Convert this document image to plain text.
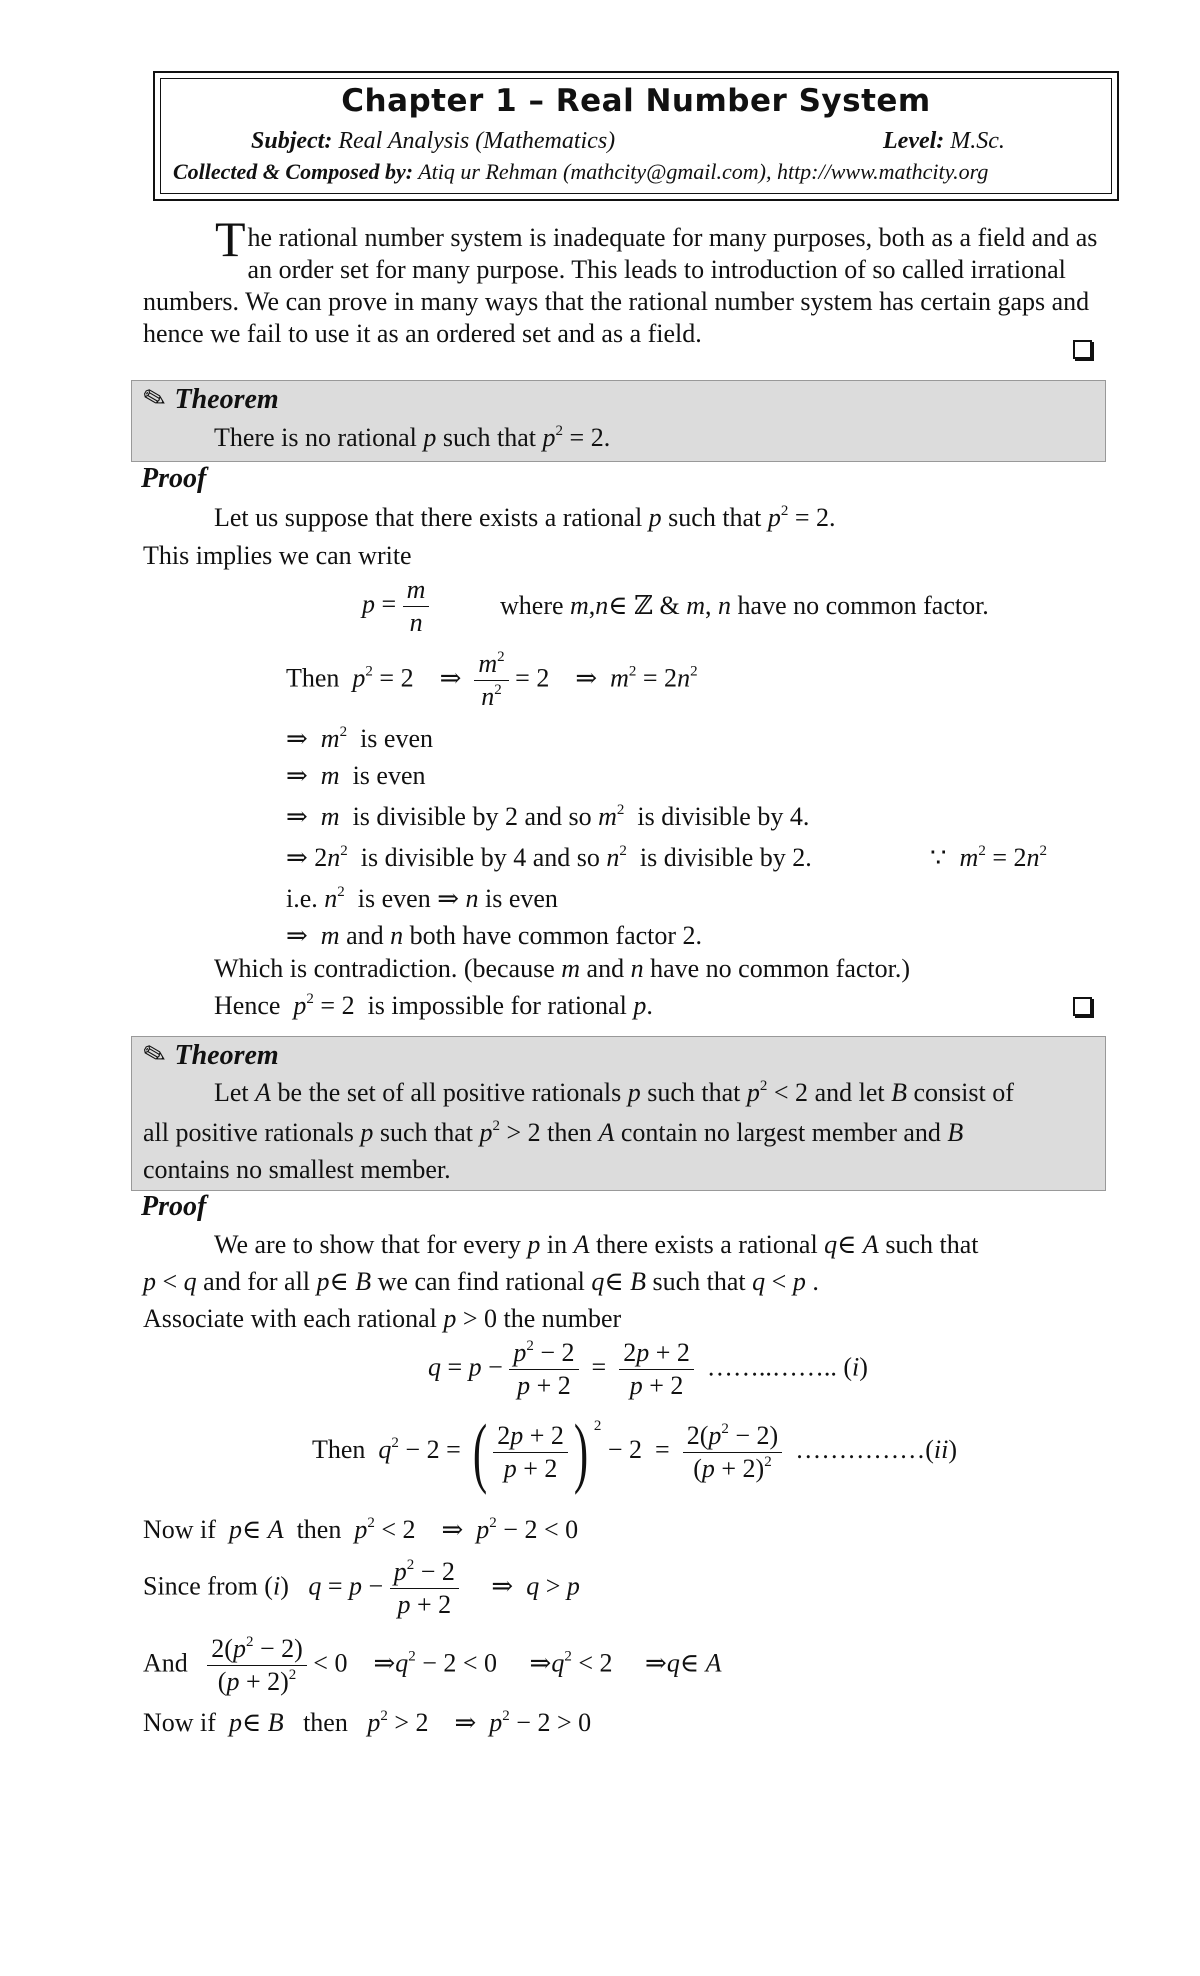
Chapter 1 – Real Number System
Subject: Real Analysis (Mathematics)	Level: M.Sc.
Collected & Composed by: Atiq ur Rehman (mathcity@gmail.com), http://www.mathcity.org
The rational number system is inadequate for many purposes, both as a field and as an order set for many purpose. This leads to introduction of so called irrational numbers. We can prove in many ways that the rational number system has certain gaps and hence we fail to use it as an ordered set and as a field.
✎ Theorem
There is no rational p such that $p^2 = 2$.
Proof
Let us suppose that there exists a rational p such that $p^2 = 2$.
This implies we can write
$p = \frac{m}{n}$	where m,n∈ ℤ & m, n have no common factor.
Then $p^2 = 2$    ⇒ $\frac{m^2}{n^2} = 2$    ⇒  $m^2 = 2n^2$
⇒  $m^2$ is even
⇒  m is even
⇒  m is divisible by 2 and so $m^2$ is divisible by 4.
⇒ $2n^2$ is divisible by 4 and so $n^2$ is divisible by 2.	∵  $m^2 = 2n^2$
i.e. $n^2$ is even ⇒ n is even
⇒  m and n both have common factor 2.
Which is contradiction. (because m and n have no common factor.)
Hence $p^2 = 2$  is impossible for rational p.
✎ Theorem
Let A be the set of all positive rationals p such that $p^2 < 2$ and let B consist of
all positive rationals p such that $p^2 > 2$ then A contain no largest member and B
contains no smallest member.
Proof
We are to show that for every p in A there exists a rational q∈ A such that
p < q and for all p∈ B we can find rational q∈ B such that q < p .
Associate with each rational p > 0 the number
$q = p - \frac{p^2 - 2}{p + 2} = \frac{2p + 2}{p + 2}$ ……..…….. (i)
Then $q^2 - 2$ = ( $\frac{2p + 2}{p + 2}$ ) $^2 - 2 = \frac{2(p^2 - 2)}{(p + 2)^2}$ ……………(ii)
Now if p∈ A then $p^2 < 2$    ⇒  $p^2 - 2 < 0$
Since from (i)   $q = p - \frac{p^2 - 2}{p + 2}$ ⇒  q > p
And $\frac{2(p^2 - 2)}{(p + 2)^2} < 0$    $\Rightarrow q^2 - 2 < 0$     $\Rightarrow q^2 < 2$     ⇒q∈ A
Now if p∈ B then $p^2 > 2$    ⇒  $p^2 - 2 > 0$
